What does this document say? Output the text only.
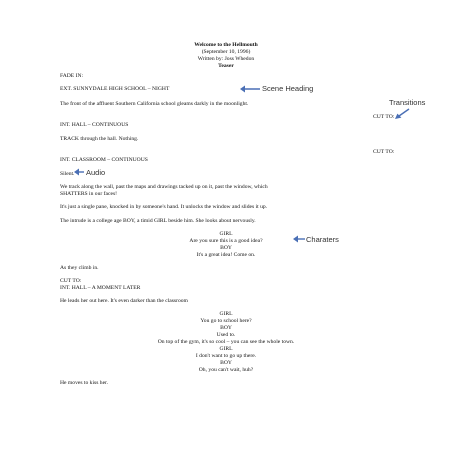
Welcome to the Hellmouth
(September 10, 1996)
Written by: Joss Whedon
Teaser
FADE IN:
EXT. SUNNYDALE HIGH SCHOOL – NIGHT
The front of the affluent Southern California school gleams darkly in the moonlight.
CUT TO:
INT. HALL – CONTINUOUS
TRACK through the hall. Nothing.
CUT TO:
INT. CLASSROOM – CONTINUOUS
Silent.
We track along the wall, past the maps and drawings tacked up on it, past the window, which
SHATTERS in our faces!
It's just a single pane, knocked in by someone's hand. It unlocks the window and slides it up.
The intrude is a college age BOY, a timid GIRL beside him. She looks about nervously.
GIRL
Are you sure this is a good idea?
BOY
It's a great idea! Come on.
As they climb in.
CUT TO:
INT. HALL – A MOMENT LATER
He leads her out here. It's even darker than the classroom
GIRL
You go to school here?
BOY
Used to.
On top of the gym, it's so cool – you can see the whole town.
GIRL
I don't want to go up there.
BOY
Oh, you can't wait, huh?
He moves to kiss her.
Scene Heading
Transitions
Audio
Charaters
